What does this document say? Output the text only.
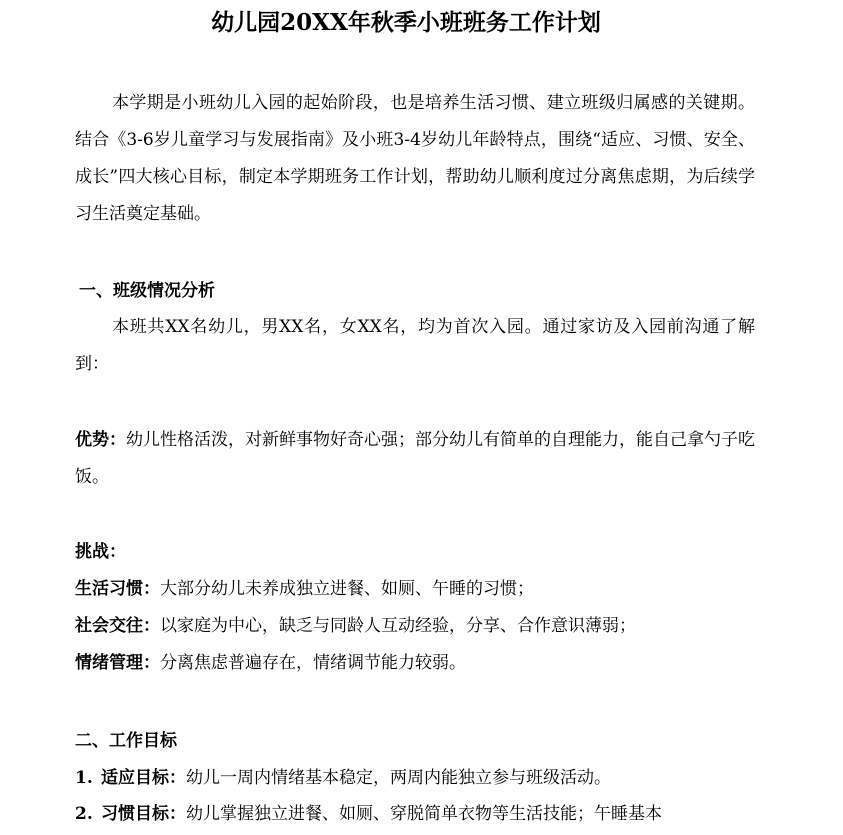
幼儿园20XX年秋季小班班务工作计划
本学期是小班幼儿入园的起始阶段，也是培养生活习惯、建立班级归属感的关键期。结合《3-6岁儿童学习与发展指南》及小班3-4岁幼儿年龄特点，围绕“适应、习惯、安全、成长”四大核心目标，制定本学期班务工作计划，帮助幼儿顺利度过分离焦虑期，为后续学习生活奠定基础。
一、班级情况分析
本班共XX名幼儿，男XX名，女XX名，均为首次入园。通过家访及入园前沟通了解到：
优势：幼儿性格活泼，对新鲜事物好奇心强；部分幼儿有简单的自理能力，能自己拿勺子吃饭。
挑战：
生活习惯：大部分幼儿未养成独立进餐、如厕、午睡的习惯；
社会交往：以家庭为中心，缺乏与同龄人互动经验，分享、合作意识薄弱；
情绪管理：分离焦虑普遍存在，情绪调节能力较弱。
二、工作目标
1. 适应目标：幼儿一周内情绪基本稳定，两周内能独立参与班级活动。
2. 习惯目标：幼儿掌握独立进餐、如厕、穿脱简单衣物等生活技能；午睡基本
